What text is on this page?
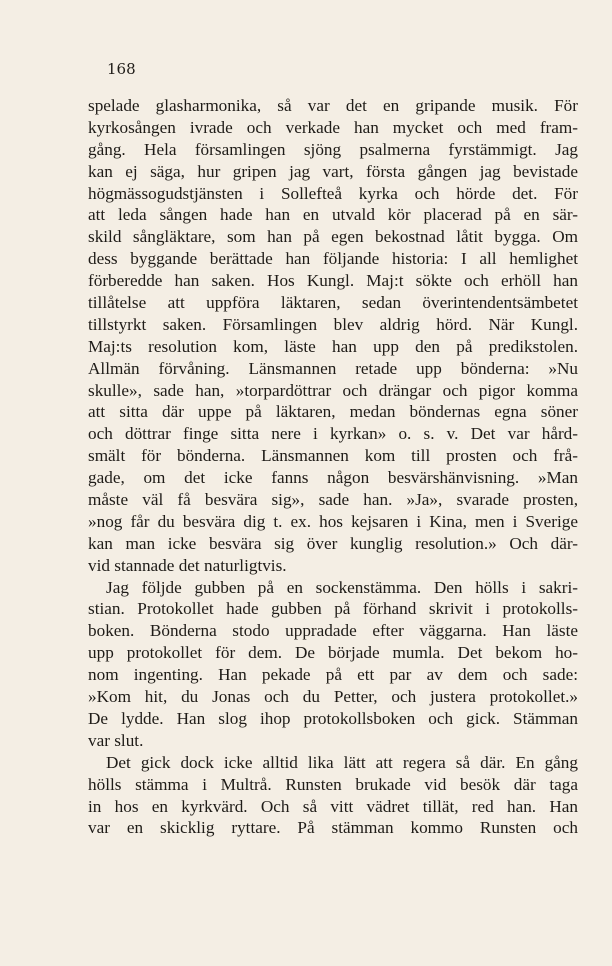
168

spelade glasharmonika, så var det en gripande musik. För
kyrkosången ivrade och verkade han mycket och med fram-
gång. Hela församlingen sjöng psalmerna fyrstämmigt. Jag
kan ej säga, hur gripen jag vart, första gången jag bevistade
högmässogudstjänsten i Sollefteå kyrka och hörde det. För
att leda sången hade han en utvald kör placerad på en sär-
skild sångläktare, som han på egen bekostnad låtit bygga. Om
dess byggande berättade han följande historia: I all hemlighet
förberedde han saken. Hos Kungl. Maj:t sökte och erhöll han
tillåtelse att uppföra läktaren, sedan överintendentsämbetet
tillstyrkt saken. Församlingen blev aldrig hörd. När Kungl.
Maj:ts resolution kom, läste han upp den på predikstolen.
Allmän förvåning. Länsmannen retade upp bönderna: »Nu
skulle», sade han, »torpardöttrar och drängar och pigor komma
att sitta där uppe på läktaren, medan böndernas egna söner
och döttrar finge sitta nere i kyrkan» o. s. v. Det var hård-
smält för bönderna. Länsmannen kom till prosten och frå-
gade, om det icke fanns någon besvärshänvisning. »Man
måste väl få besvära sig», sade han. »Ja», svarade prosten,
»nog får du besvära dig t. ex. hos kejsaren i Kina, men i Sverige
kan man icke besvära sig över kunglig resolution.» Och där-
vid stannade det naturligtvis.

Jag följde gubben på en sockenstämma. Den hölls i sakri-
stian. Protokollet hade gubben på förhand skrivit i protokolls-
boken. Bönderna stodo uppradade efter väggarna. Han läste
upp protokollet för dem. De började mumla. Det bekom ho-
nom ingenting. Han pekade på ett par av dem och sade:
»Kom hit, du Jonas och du Petter, och justera protokollet.»
De lydde. Han slog ihop protokollsboken och gick. Stämman
var slut.

Det gick dock icke alltid lika lätt att regera så där. En gång
hölls stämma i Multrå. Runsten brukade vid besök där taga
in hos en kyrkvärd. Och så vitt vädret tillät, red han. Han
var en skicklig ryttare. På stämman kommo Runsten och
